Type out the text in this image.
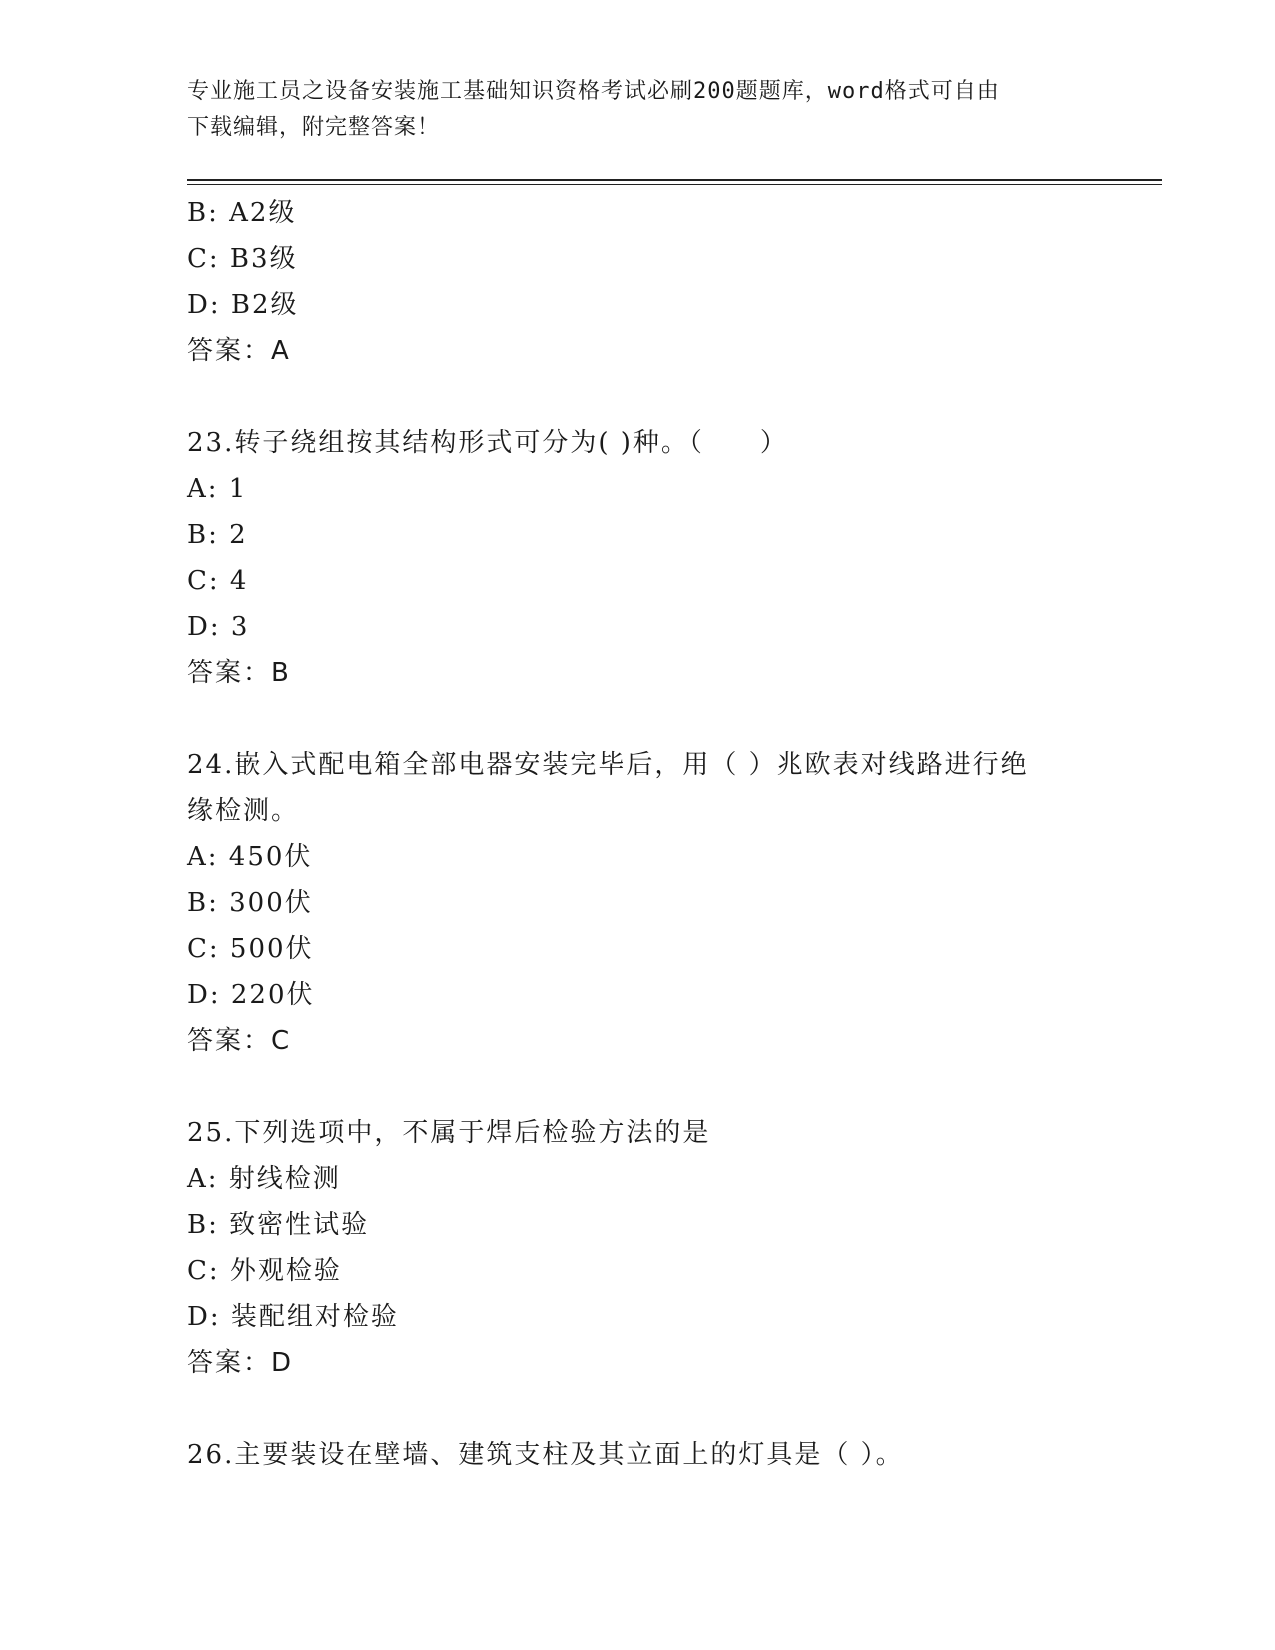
专业施工员之设备安装施工基础知识资格考试必刷200题题库，word格式可自由
下载编辑，附完整答案！
B: A2级
C: B3级
D: B2级
答案：A
23.转子绕组按其结构形式可分为( )种。（　　）
A: 1
B: 2
C: 4
D: 3
答案：B
24.嵌入式配电箱全部电器安装完毕后，用（ ）兆欧表对线路进行绝
缘检测。
A: 450伏
B: 300伏
C: 500伏
D: 220伏
答案：C
25.下列选项中，不属于焊后检验方法的是
A: 射线检测
B: 致密性试验
C: 外观检验
D: 装配组对检验
答案：D
26.主要装设在壁墙、建筑支柱及其立面上的灯具是（ ）。
